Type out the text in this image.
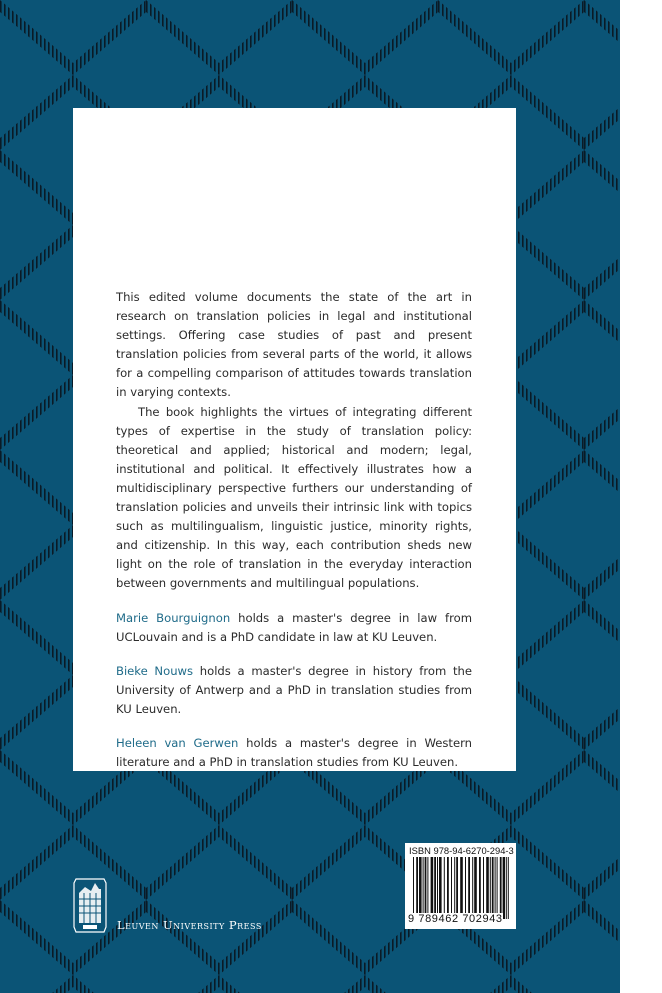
This edited volume documents the state of the art in research on translation policies in legal and institutional settings. Offering case studies of past and present translation policies from several parts of the world, it allows for a compelling comparison of attitudes towards translation in varying contexts.

The book highlights the virtues of integrating different types of expertise in the study of translation policy: theoretical and applied; historical and modern; legal, institutional and political. It effectively illustrates how a multidisciplinary perspective furthers our understanding of translation policies and unveils their intrinsic link with topics such as multilingualism, linguistic justice, minority rights, and citizenship. In this way, each contribution sheds new light on the role of translation in the everyday interaction between governments and multilingual populations.

Marie Bourguignon holds a master's degree in law from UCLouvain and is a PhD candidate in law at KU Leuven.

Bieke Nouws holds a master's degree in history from the University of Antwerp and a PhD in translation studies from KU Leuven.

Heleen van Gerwen holds a master's degree in Western literature and a PhD in translation studies from KU Leuven.

Leuven University Press
ISBN 978-94-6270-294-3
9 789462 702943
